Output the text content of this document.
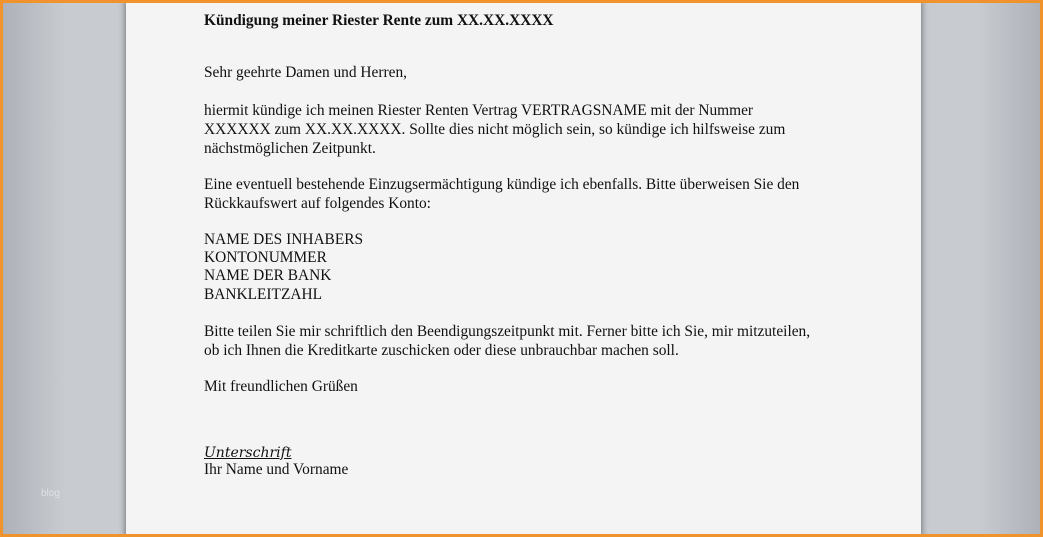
Kündigung meiner Riester Rente zum XX.XX.XXXX
Sehr geehrte Damen und Herren,
hiermit kündige ich meinen Riester Renten Vertrag VERTRAGSNAME mit der Nummer
XXXXXX zum XX.XX.XXXX. Sollte dies nicht möglich sein, so kündige ich hilfsweise zum
nächstmöglichen Zeitpunkt.
Eine eventuell bestehende Einzugsermächtigung kündige ich ebenfalls. Bitte überweisen Sie den
Rückkaufswert auf folgendes Konto:
NAME DES INHABERS
KONTONUMMER
NAME DER BANK
BANKLEITZAHL
Bitte teilen Sie mir schriftlich den Beendigungszeitpunkt mit. Ferner bitte ich Sie, mir mitzuteilen,
ob ich Ihnen die Kreditkarte zuschicken oder diese unbrauchbar machen soll.
Mit freundlichen Grüßen
Unterschrift
Ihr Name und Vorname
blog
